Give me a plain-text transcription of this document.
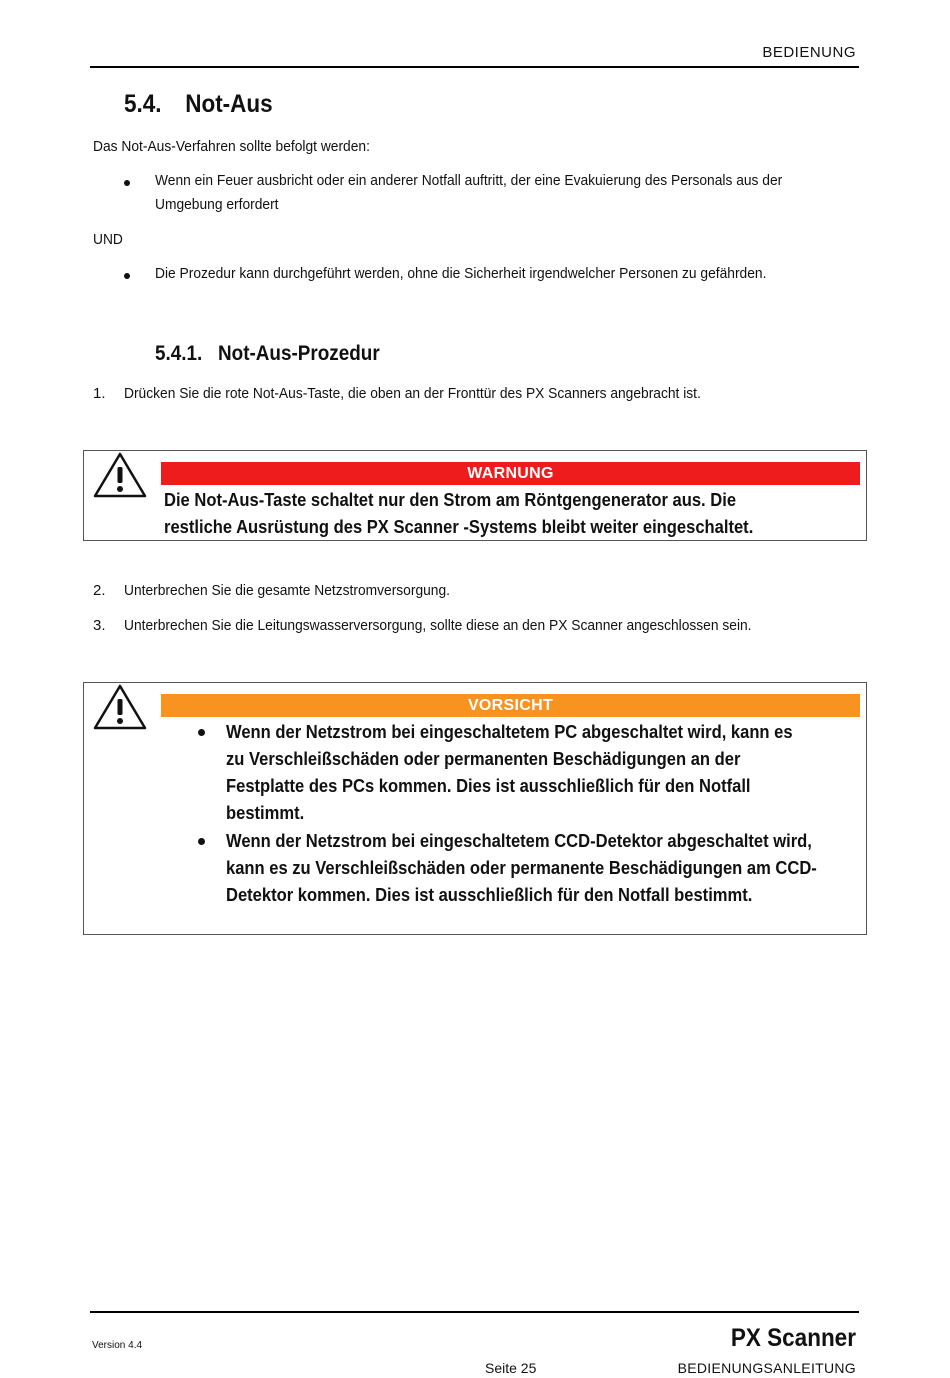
BEDIENUNG
5.4. Not-Aus
Das Not-Aus-Verfahren sollte befolgt werden:
Wenn ein Feuer ausbricht oder ein anderer Notfall auftritt, der eine Evakuierung des Personals aus der
Umgebung erfordert
UND
Die Prozedur kann durchgeführt werden, ohne die Sicherheit irgendwelcher Personen zu gefährden.
5.4.1. Not-Aus-Prozedur
1. Drücken Sie die rote Not-Aus-Taste, die oben an der Fronttür des PX Scanners angebracht ist.
WARNUNG
Die Not-Aus-Taste schaltet nur den Strom am Röntgengenerator aus. Die
restliche Ausrüstung des PX Scanner -Systems bleibt weiter eingeschaltet.
2. Unterbrechen Sie die gesamte Netzstromversorgung.
3. Unterbrechen Sie die Leitungswasserversorgung, sollte diese an den PX Scanner angeschlossen sein.
VORSICHT
Wenn der Netzstrom bei eingeschaltetem PC abgeschaltet wird, kann es
zu Verschleißschäden oder permanenten Beschädigungen an der
Festplatte des PCs kommen. Dies ist ausschließlich für den Notfall
bestimmt.
Wenn der Netzstrom bei eingeschaltetem CCD-Detektor abgeschaltet wird,
kann es zu Verschleißschäden oder permanente Beschädigungen am CCD-
Detektor kommen. Dies ist ausschließlich für den Notfall bestimmt.
Version 4.4	PX Scanner
Seite 25	BEDIENUNGSANLEITUNG
